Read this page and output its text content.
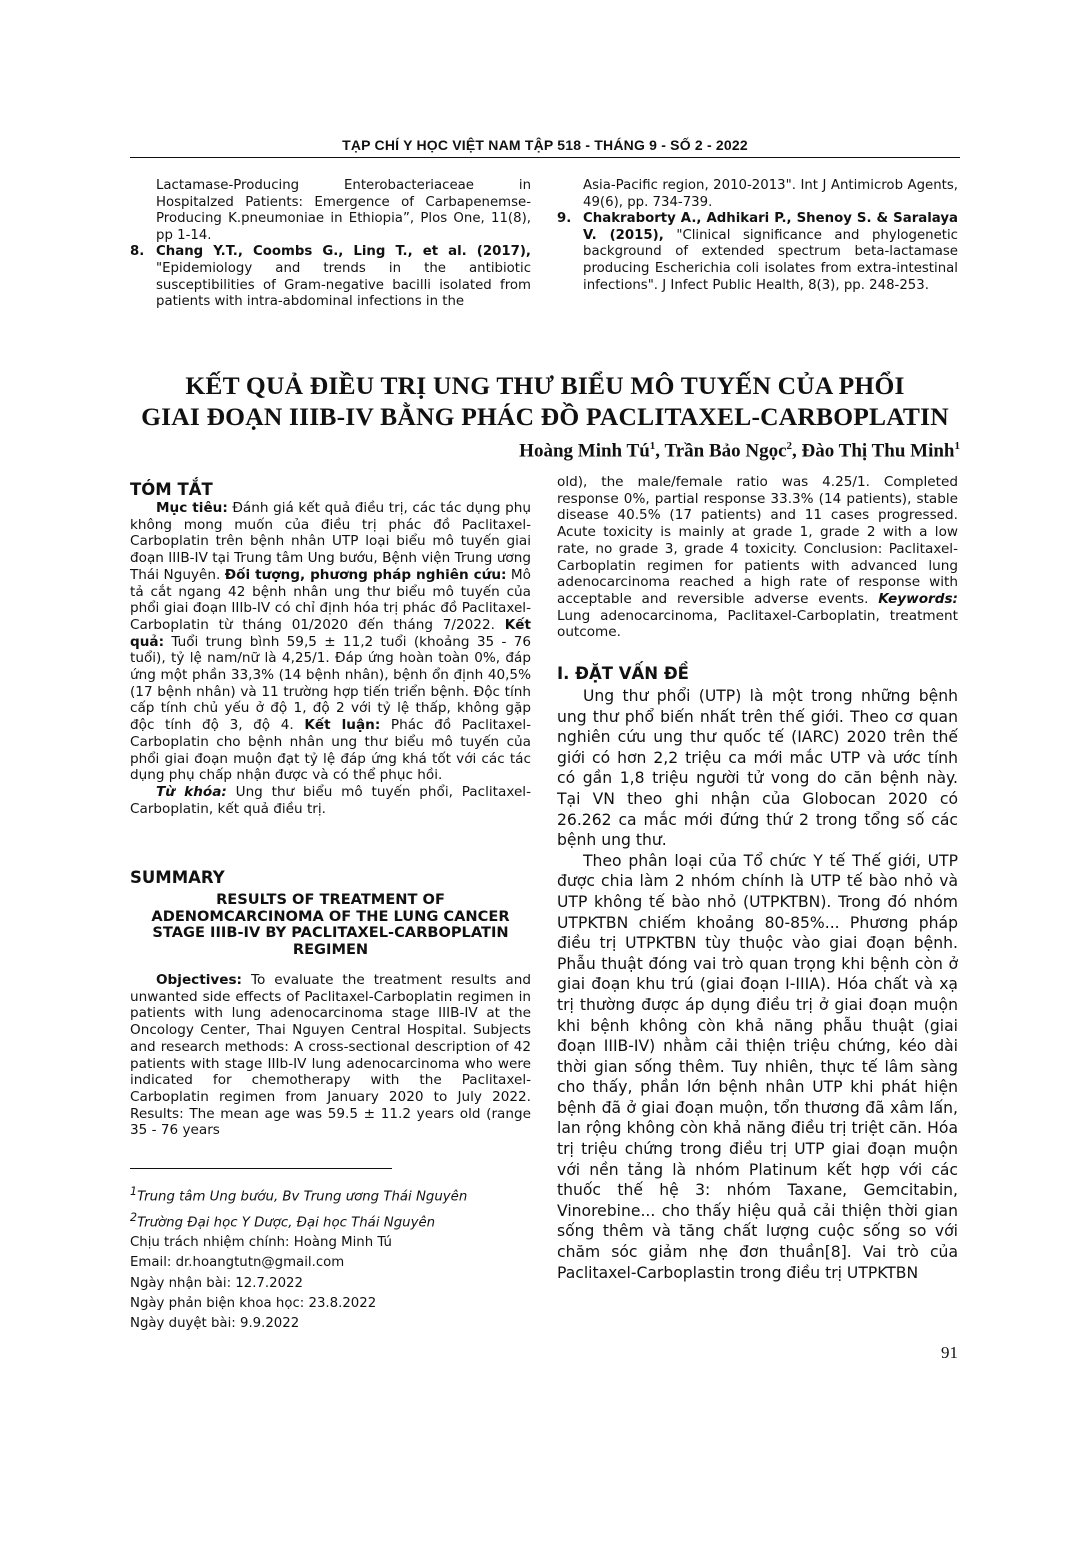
TẠP CHÍ Y HỌC VIỆT NAM TẬP 518 - THÁNG 9 - SỐ 2 - 2022

Lactamase-Producing Enterobacteriaceae in Hospitalzed Patients: Emergence of Carbapenemse-Producing K.pneumoniae in Ethiopia”, Plos One, 11(8), pp 1-14.

8. Chang Y.T., Coombs G., Ling T., et al. (2017), "Epidemiology and trends in the antibiotic susceptibilities of Gram-negative bacilli isolated from patients with intra-abdominal infections in the

Asia-Pacific region, 2010-2013". Int J Antimicrob Agents, 49(6), pp. 734-739.

9. Chakraborty A., Adhikari P., Shenoy S. & Saralaya V. (2015), "Clinical significance and phylogenetic background of extended spectrum beta-lactamase producing Escherichia coli isolates from extra-intestinal infections". J Infect Public Health, 8(3), pp. 248-253.

KẾT QUẢ ĐIỀU TRỊ UNG THƯ BIỂU MÔ TUYẾN CỦA PHỔI
GIAI ĐOẠN IIIB-IV BẰNG PHÁC ĐỒ PACLITAXEL-CARBOPLATIN
Hoàng Minh $Tú^1$, Trần Bảo Ngọc$^2$, Đào Thị Thu Minh$^1$
TÓM TẮT

Mục tiêu: Đánh giá kết quả điều trị, các tác dụng phụ không mong muốn của điều trị phác đồ Paclitaxel-Carboplatin trên bệnh nhân UTP loại biểu mô tuyến giai đoạn IIIB-IV tại Trung tâm Ung bướu, Bệnh viện Trung ương Thái Nguyên. Đối tượng, phương pháp nghiên cứu: Mô tả cắt ngang 42 bệnh nhân ung thư biểu mô tuyến của phổi giai đoạn IIIb-IV có chỉ định hóa trị phác đồ Paclitaxel-Carboplatin từ tháng 01/2020 đến tháng 7/2022. Kết quả: Tuổi trung bình 59,5 ± 11,2 tuổi (khoảng 35 - 76 tuổi), tỷ lệ nam/nữ là 4,25/1. Đáp ứng hoàn toàn 0%, đáp ứng một phần 33,3% (14 bệnh nhân), bệnh ổn định 40,5% (17 bệnh nhân) và 11 trường hợp tiến triển bệnh. Độc tính cấp tính chủ yếu ở độ 1, độ 2 với tỷ lệ thấp, không gặp độc tính độ 3, độ 4. Kết luận: Phác đồ Paclitaxel-Carboplatin cho bệnh nhân ung thư biểu mô tuyến của phổi giai đoạn muộn đạt tỷ lệ đáp ứng khá tốt với các tác dụng phụ chấp nhận được và có thể phục hồi.

Từ khóa: Ung thư biểu mô tuyến phổi, Paclitaxel-Carboplatin, kết quả điều trị.

SUMMARY
RESULTS OF TREATMENT OF ADENOMCARCINOMA OF THE LUNG CANCER STAGE IIIB-IV BY PACLITAXEL-CARBOPLATIN REGIMEN

Objectives: To evaluate the treatment results and unwanted side effects of Paclitaxel-Carboplatin regimen in patients with lung adenocarcinoma stage IIIB-IV at the Oncology Center, Thai Nguyen Central Hospital. Subjects and research methods: A cross-sectional description of 42 patients with stage IIIb-IV lung adenocarcinoma who were indicated for chemotherapy with the Paclitaxel-Carboplatin regimen from January 2020 to July 2022. Results: The mean age was 59.5 ± 11.2 years old (range 35 - 76 years

$^1$Trung tâm Ung bướu, Bv Trung ương Thái Nguyên
$^2$Trường Đại học Y Dược, Đại học Thái Nguyên
Chịu trách nhiệm chính: Hoàng Minh Tú
Email: dr.hoangtutn@gmail.com
Ngày nhận bài: 12.7.2022
Ngày phản biện khoa học: 23.8.2022
Ngày duyệt bài: 9.9.2022
old), the male/female ratio was 4.25/1. Completed response 0%, partial response 33.3% (14 patients), stable disease 40.5% (17 patients) and 11 cases progressed. Acute toxicity is mainly at grade 1, grade 2 with a low rate, no grade 3, grade 4 toxicity. Conclusion: Paclitaxel-Carboplatin regimen for patients with advanced lung adenocarcinoma reached a high rate of response with acceptable and reversible adverse events. Keywords: Lung adenocarcinoma, Paclitaxel-Carboplatin, treatment outcome.
I. ĐẶT VẤN ĐỀ

Ung thư phổi (UTP) là một trong những bệnh ung thư phổ biến nhất trên thế giới. Theo cơ quan nghiên cứu ung thư quốc tế (IARC) 2020 trên thế giới có hơn 2,2 triệu ca mới mắc UTP và ước tính có gần 1,8 triệu người tử vong do căn bệnh này. Tại VN theo ghi nhận của Globocan 2020 có 26.262 ca mắc mới đứng thứ 2 trong tổng số các bệnh ung thư.

Theo phân loại của Tổ chức Y tế Thế giới, UTP được chia làm 2 nhóm chính là UTP tế bào nhỏ và UTP không tế bào nhỏ (UTPKTBN). Trong đó nhóm UTPKTBN chiếm khoảng 80-85%... Phương pháp điều trị UTPKTBN tùy thuộc vào giai đoạn bệnh. Phẫu thuật đóng vai trò quan trọng khi bệnh còn ở giai đoạn khu trú (giai đoạn I-IIIA). Hóa chất và xạ trị thường được áp dụng điều trị ở giai đoạn muộn khi bệnh không còn khả năng phẫu thuật (giai đoạn IIIB-IV) nhằm cải thiện triệu chứng, kéo dài thời gian sống thêm. Tuy nhiên, thực tế lâm sàng cho thấy, phần lớn bệnh nhân UTP khi phát hiện bệnh đã ở giai đoạn muộn, tổn thương đã xâm lấn, lan rộng không còn khả năng điều trị triệt căn. Hóa trị triệu chứng trong điều trị UTP giai đoạn muộn với nền tảng là nhóm Platinum kết hợp với các thuốc thế hệ 3: nhóm Taxane, Gemcitabin, Vinorebine... cho thấy hiệu quả cải thiện thời gian sống thêm và tăng chất lượng cuộc sống so với chăm sóc giảm nhẹ đơn thuần[8]. Vai trò của Paclitaxel-Carboplastin trong điều trị UTPKTBN

91
